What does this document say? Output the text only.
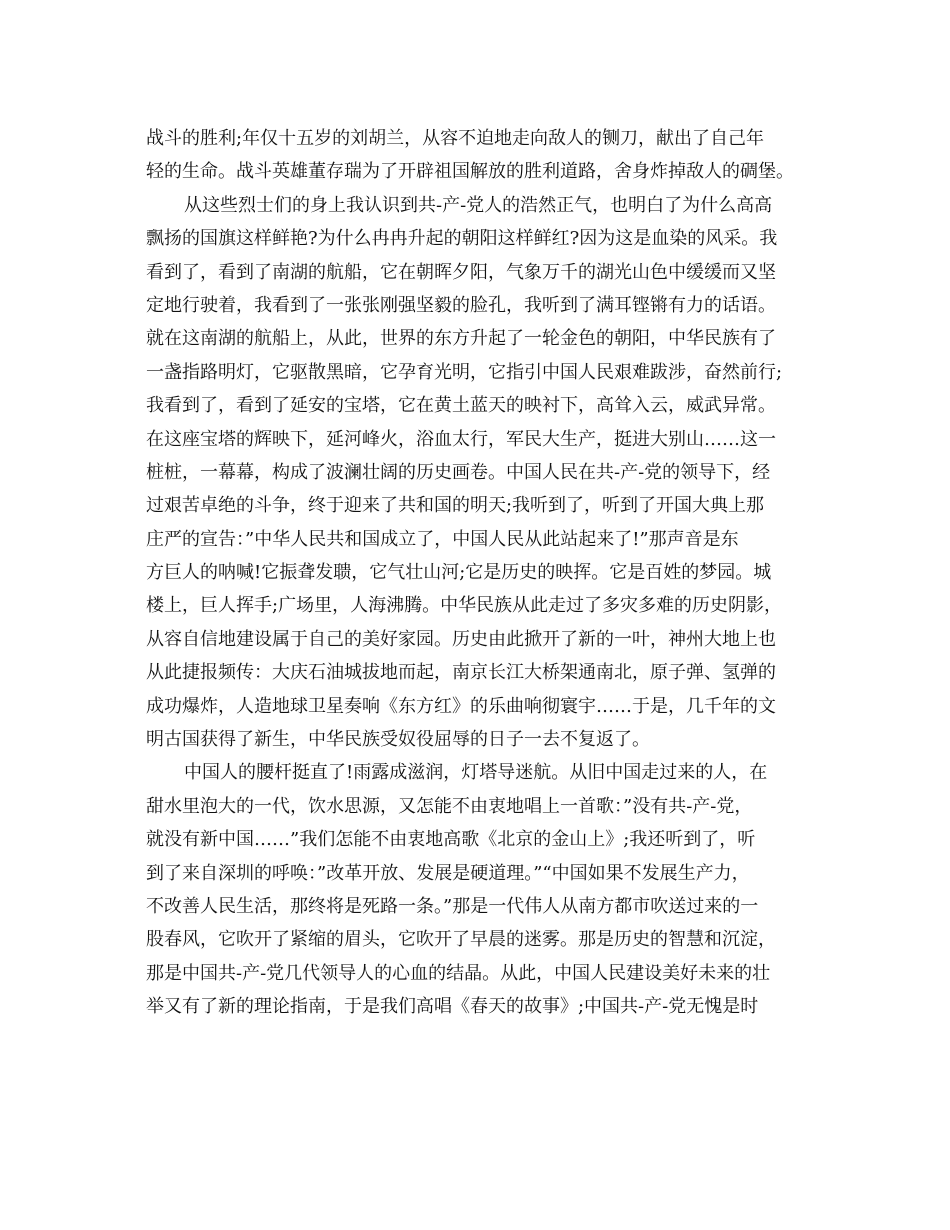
战斗的胜利;年仅十五岁的刘胡兰，从容不迫地走向敌人的铡刀，献出了自己年
轻的生命。战斗英雄董存瑞为了开辟祖国解放的胜利道路，舍身炸掉敌人的碉堡。
从这些烈士们的身上我认识到共-产-党人的浩然正气，也明白了为什么高高
飘扬的国旗这样鲜艳?为什么冉冉升起的朝阳这样鲜红?因为这是血染的风采。我
看到了，看到了南湖的航船，它在朝晖夕阳，气象万千的湖光山色中缓缓而又坚
定地行驶着，我看到了一张张刚强坚毅的脸孔，我听到了满耳铿锵有力的话语。
就在这南湖的航船上，从此，世界的东方升起了一轮金色的朝阳，中华民族有了
一盏指路明灯，它驱散黑暗，它孕育光明，它指引中国人民艰难跋涉，奋然前行;
我看到了，看到了延安的宝塔，它在黄土蓝天的映衬下，高耸入云，威武异常。
在这座宝塔的辉映下，延河峰火，浴血太行，军民大生产，挺进大别山……这一
桩桩，一幕幕，构成了波澜壮阔的历史画卷。中国人民在共-产-党的领导下，经
过艰苦卓绝的斗争，终于迎来了共和国的明天;我听到了，听到了开国大典上那
庄严的宣告：”中华人民共和国成立了，中国人民从此站起来了!”那声音是东
方巨人的呐喊!它振聋发聩，它气壮山河;它是历史的映挥。它是百姓的梦园。城
楼上，巨人挥手;广场里，人海沸腾。中华民族从此走过了多灾多难的历史阴影，
从容自信地建设属于自己的美好家园。历史由此掀开了新的一叶，神州大地上也
从此捷报频传：大庆石油城拔地而起，南京长江大桥架通南北，原子弹、氢弹的
成功爆炸，人造地球卫星奏响《东方红》的乐曲响彻寰宇……于是，几千年的文
明古国获得了新生，中华民族受奴役屈辱的日子一去不复返了。
中国人的腰杆挺直了!雨露成滋润，灯塔导迷航。从旧中国走过来的人，在
甜水里泡大的一代，饮水思源，又怎能不由衷地唱上一首歌：”没有共-产-党，
就没有新中国……”我们怎能不由衷地高歌《北京的金山上》;我还听到了，听
到了来自深圳的呼唤：”改革开放、发展是硬道理。”“中国如果不发展生产力，
不改善人民生活，那终将是死路一条。”那是一代伟人从南方都市吹送过来的一
股春风，它吹开了紧缩的眉头，它吹开了早晨的迷雾。那是历史的智慧和沉淀，
那是中国共-产-党几代领导人的心血的结晶。从此，中国人民建设美好未来的壮
举又有了新的理论指南，于是我们高唱《春天的故事》;中国共-产-党无愧是时
